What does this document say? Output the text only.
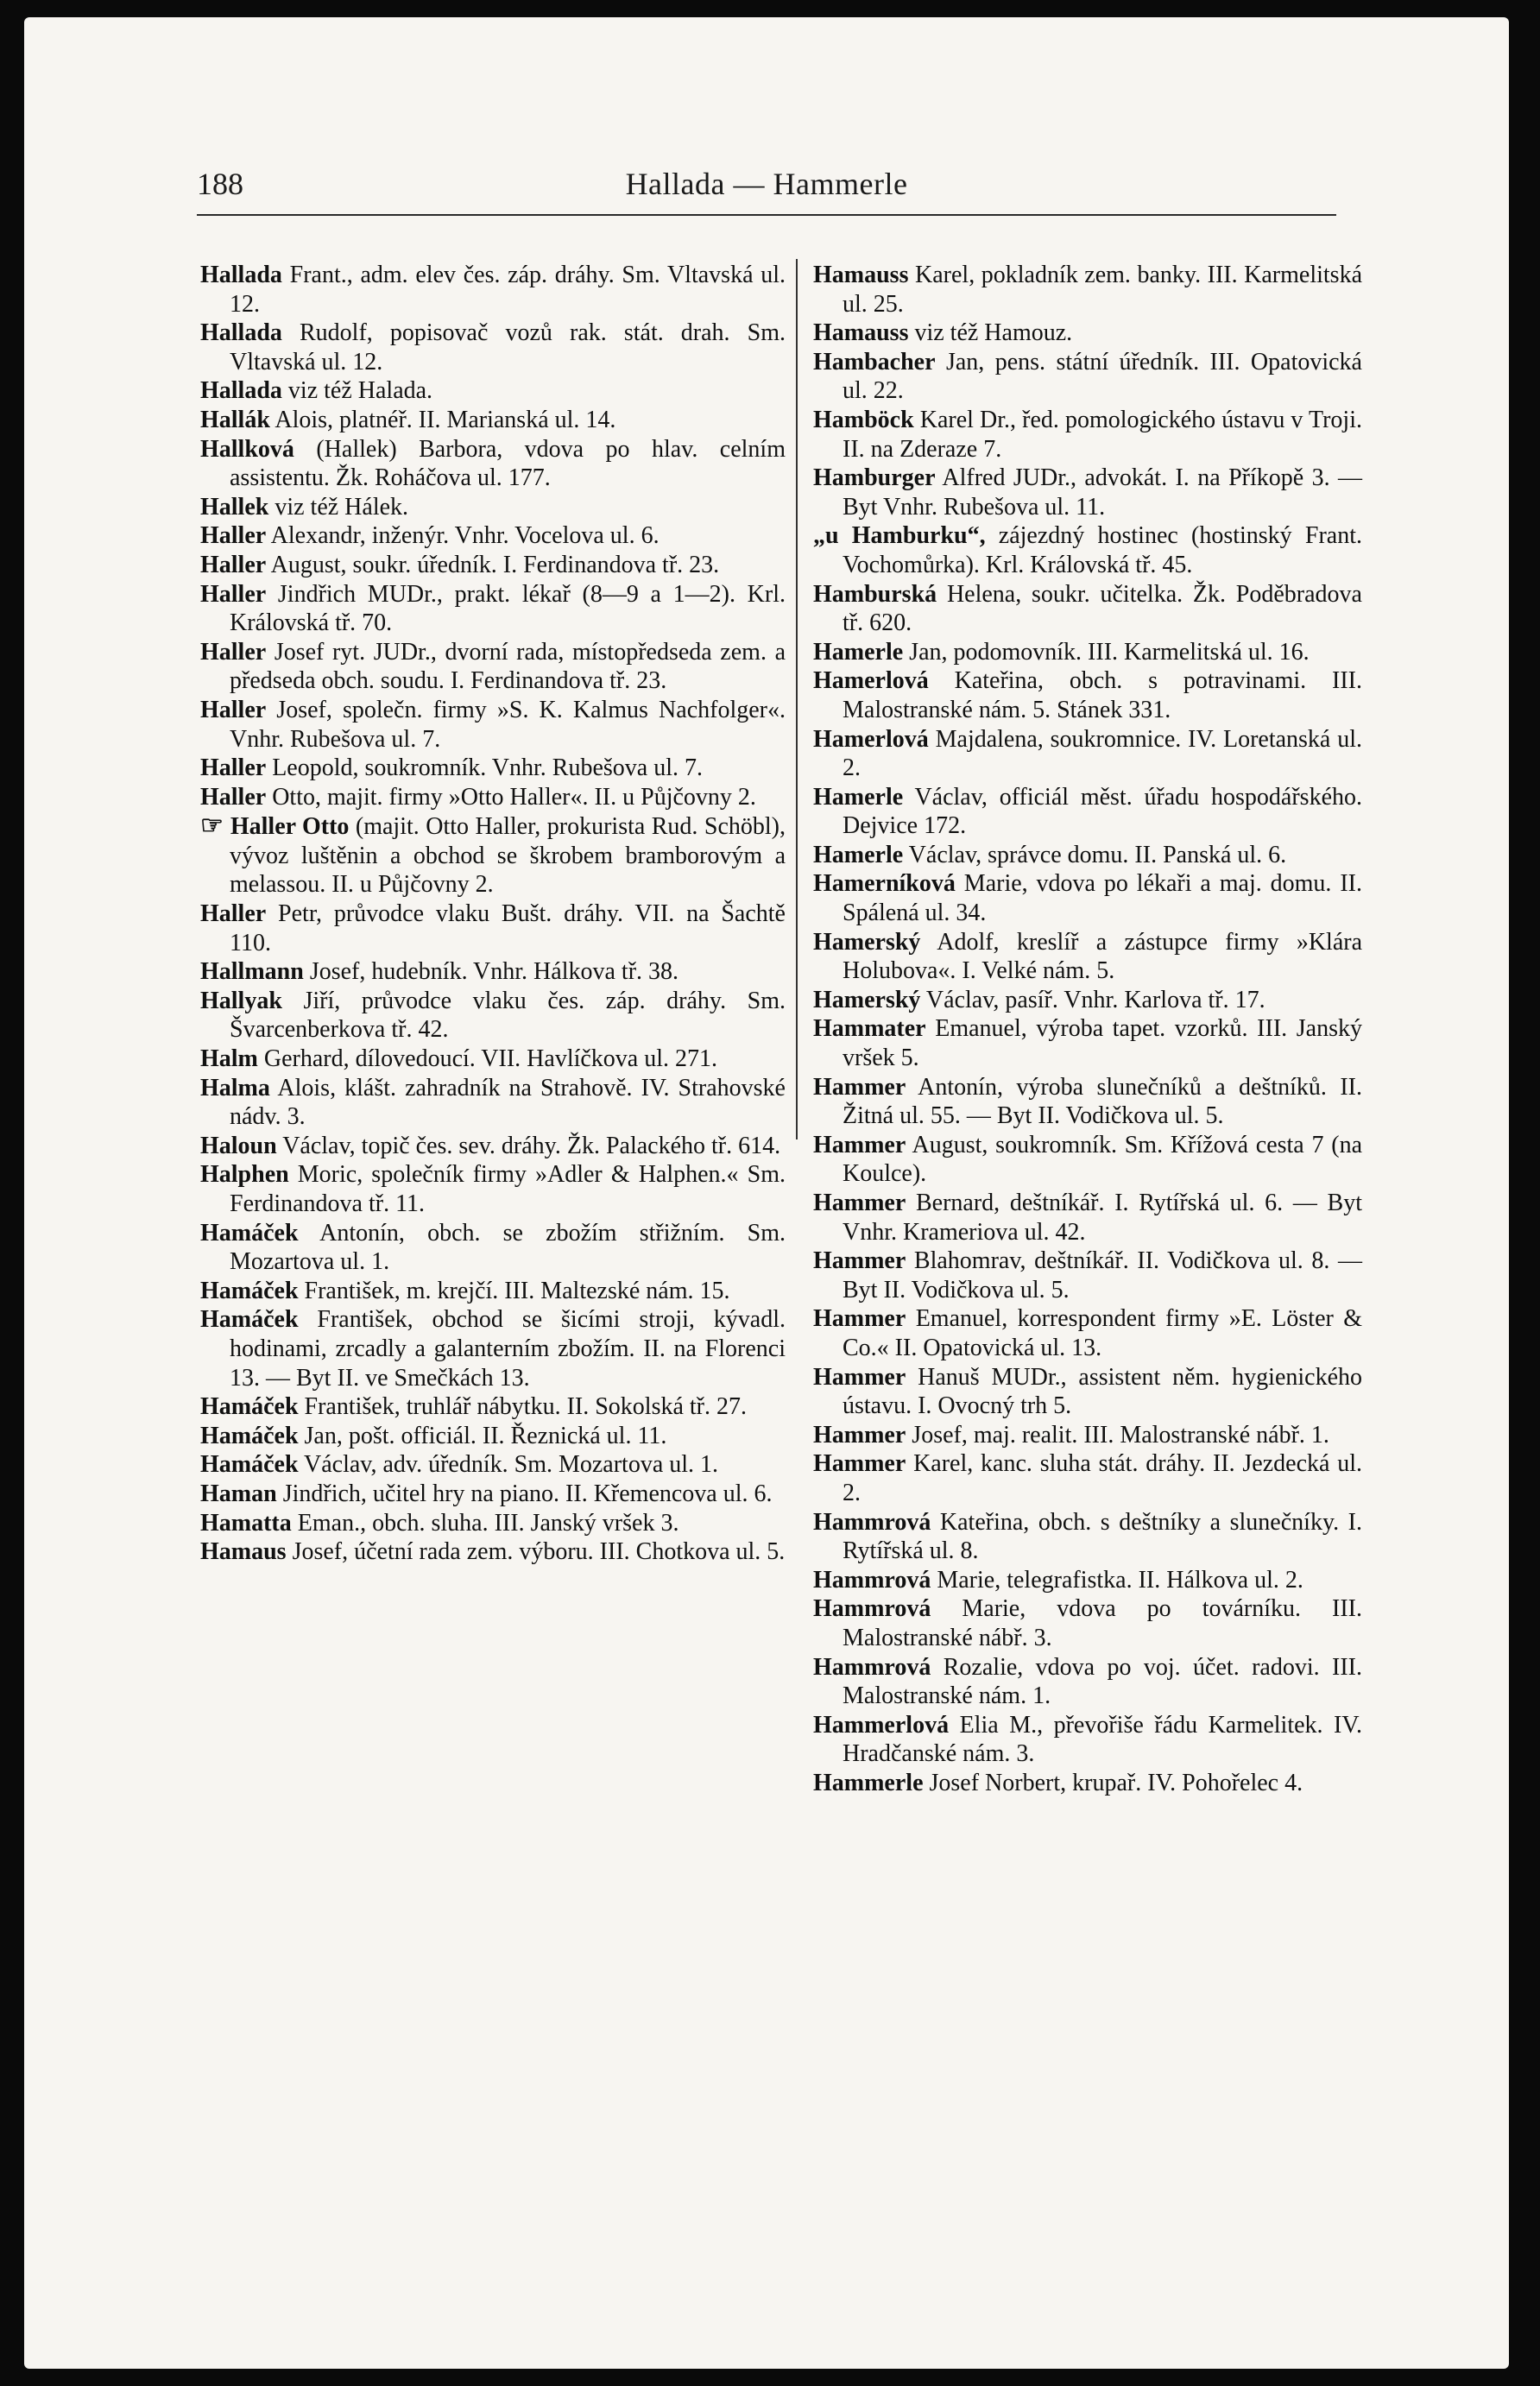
Hallada — Hammerle
188

Hallada Frant., adm. elev čes. záp. dráhy. Sm. Vltavská ul. 12.

Hallada Rudolf, popisovač vozů rak. stát. drah. Sm. Vltavská ul. 12.

Hallada viz též Halada.

Hallák Alois, platnéř. II. Marianská ul. 14.

Hallková (Hallek) Barbora, vdova po hlav. celním assistentu. Žk. Roháčova ul. 177.

Hallek viz též Hálek.

Haller Alexandr, inženýr. Vnhr. Vocelova ul. 6.

Haller August, soukr. úředník. I. Ferdinandova tř. 23.

Haller Jindřich MUDr., prakt. lékař (8—9 a 1—2). Krl. Královská tř. 70.

Haller Josef ryt. JUDr., dvorní rada, místopředseda zem. a předseda obch. soudu. I. Ferdinandova tř. 23.

Haller Josef, společn. firmy »S. K. Kalmus Nachfolger«. Vnhr. Rubešova ul. 7.

Haller Leopold, soukromník. Vnhr. Rubešova ul. 7.

Haller Otto, majit. firmy »Otto Haller«. II. u Půjčovny 2.

☞ Haller Otto (majit. Otto Haller, prokurista Rud. Schöbl), vývoz luštěnin a obchod se škrobem bramborovým a melassou. II. u Půjčovny 2.

Haller Petr, průvodce vlaku Bušt. dráhy. VII. na Šachtě 110.

Hallmann Josef, hudebník. Vnhr. Hálkova tř. 38.

Hallyak Jiří, průvodce vlaku čes. záp. dráhy. Sm. Švarcenberkova tř. 42.

Halm Gerhard, dílovedoucí. VII. Havlíčkova ul. 271.

Halma Alois, klášt. zahradník na Strahově. IV. Strahovské nádv. 3.

Haloun Václav, topič čes. sev. dráhy. Žk. Palackého tř. 614.

Halphen Moric, společník firmy »Adler & Halphen.« Sm. Ferdinandova tř. 11.

Hamáček Antonín, obch. se zbožím střižním. Sm. Mozartova ul. 1.

Hamáček František, m. krejčí. III. Maltezské nám. 15.

Hamáček František, obchod se šicími stroji, kývadl. hodinami, zrcadly a galanterním zbožím. II. na Florenci 13. — Byt II. ve Smečkách 13.

Hamáček František, truhlář nábytku. II. Sokolská tř. 27.

Hamáček Jan, pošt. officiál. II. Řeznická ul. 11.

Hamáček Václav, adv. úředník. Sm. Mozartova ul. 1.

Haman Jindřich, učitel hry na piano. II. Křemencova ul. 6.

Hamatta Eman., obch. sluha. III. Janský vršek 3.

Hamaus Josef, účetní rada zem. výboru. III. Chotkova ul. 5.

Hamauss Karel, pokladník zem. banky. III. Karmelitská ul. 25.

Hamauss viz též Hamouz.

Hambacher Jan, pens. státní úředník. III. Opatovická ul. 22.

Hamböck Karel Dr., řed. pomologického ústavu v Troji. II. na Zderaze 7.

Hamburger Alfred JUDr., advokát. I. na Příkopě 3. — Byt Vnhr. Rubešova ul. 11.

„u Hamburku“, zájezdný hostinec (hostinský Frant. Vochomůrka). Krl. Královská tř. 45.

Hamburská Helena, soukr. učitelka. Žk. Poděbradova tř. 620.

Hamerle Jan, podomovník. III. Karmelitská ul. 16.

Hamerlová Kateřina, obch. s potravinami. III. Malostranské nám. 5. Stánek 331.

Hamerlová Majdalena, soukromnice. IV. Loretanská ul. 2.

Hamerle Václav, officiál měst. úřadu hospodářského. Dejvice 172.

Hamerle Václav, správce domu. II. Panská ul. 6.

Hamerníková Marie, vdova po lékaři a maj. domu. II. Spálená ul. 34.

Hamerský Adolf, kreslíř a zástupce firmy »Klára Holubova«. I. Velké nám. 5.

Hamerský Václav, pasíř. Vnhr. Karlova tř. 17.

Hammater Emanuel, výroba tapet. vzorků. III. Janský vršek 5.

Hammer Antonín, výroba slunečníků a deštníků. II. Žitná ul. 55. — Byt II. Vodičkova ul. 5.

Hammer August, soukromník. Sm. Křížová cesta 7 (na Koulce).

Hammer Bernard, deštníkář. I. Rytířská ul. 6. — Byt Vnhr. Krameriova ul. 42.

Hammer Blahomrav, deštníkář. II. Vodičkova ul. 8. — Byt II. Vodičkova ul. 5.

Hammer Emanuel, korrespondent firmy »E. Löster & Co.« II. Opatovická ul. 13.

Hammer Hanuš MUDr., assistent něm. hygienického ústavu. I. Ovocný trh 5.

Hammer Josef, maj. realit. III. Malostranské nábř. 1.

Hammer Karel, kanc. sluha stát. dráhy. II. Jezdecká ul. 2.

Hammrová Kateřina, obch. s deštníky a slunečníky. I. Rytířská ul. 8.

Hammrová Marie, telegrafistka. II. Hálkova ul. 2.

Hammrová Marie, vdova po továrníku. III. Malostranské nábř. 3.

Hammrová Rozalie, vdova po voj. účet. radovi. III. Malostranské nám. 1.

Hammerlová Elia M., převořiše řádu Karmelitek. IV. Hradčanské nám. 3.

Hammerle Josef Norbert, krupař. IV. Pohořelec 4.
